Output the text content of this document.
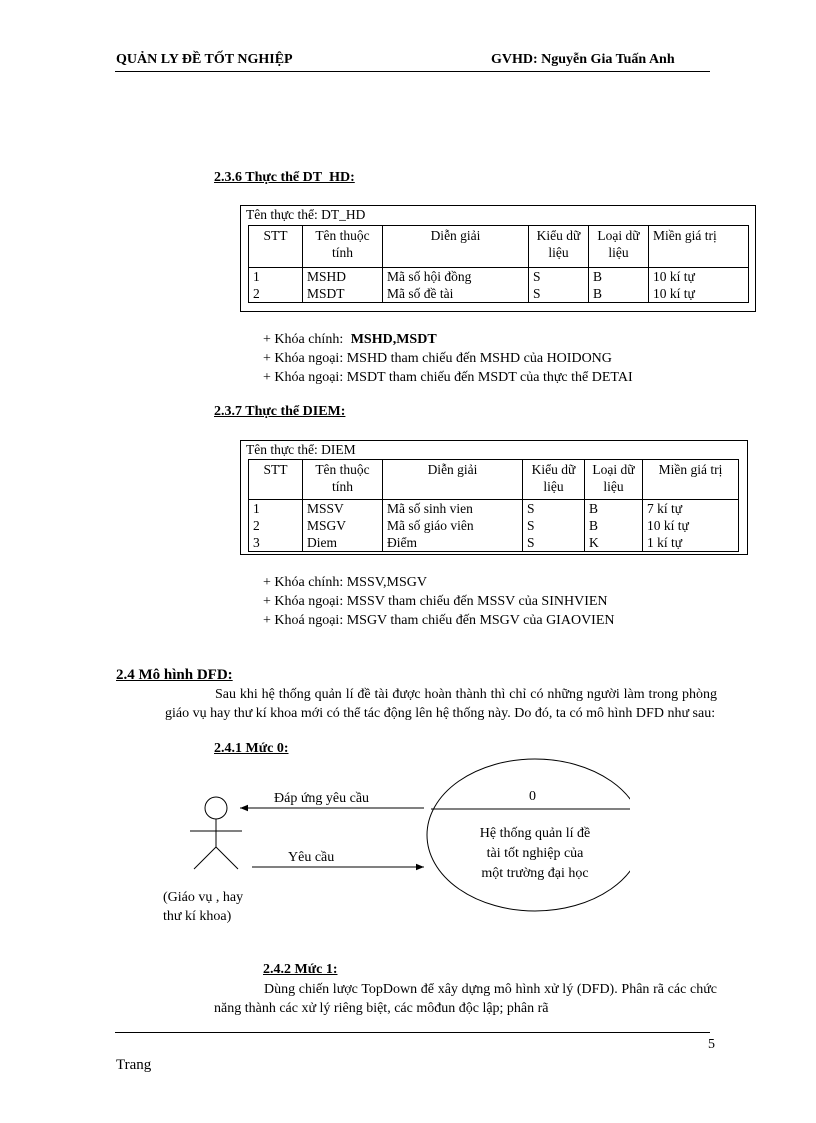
QUẢN LY ĐỀ TỐT NGHIỆP	GVHD: Nguyễn Gia Tuấn Anh
2.3.6 Thực thể DT_HD:
Tên thực thể: DT_HD
STT	Tên thuộc tính	Diễn giải	Kiểu dữ liệu	Loại dữ liệu	Miền giá trị
1	MSHD	Mã số hội đồng	S	B	10 kí tự
2	MSDT	Mã số đề tài	S	B	10 kí tự
+ Khóa chính: MSHD,MSDT
+ Khóa ngoại: MSHD tham chiếu đến MSHD của HOIDONG
+ Khóa ngoại: MSDT tham chiếu đến MSDT của thực thể DETAI
2.3.7 Thực thể DIEM:
Tên thực thể: DIEM
STT	Tên thuộc tính	Diễn giải	Kiểu dữ liệu	Loại dữ liệu	Miền giá trị
1	MSSV	Mã số sinh vien	S	B	7 kí tự
2	MSGV	Mã số giáo viên	S	B	10 kí tự
3	Diem	Điểm	S	K	1 kí tự
+ Khóa chính: MSSV,MSGV
+ Khóa ngoại: MSSV tham chiếu đến MSSV của SINHVIEN
+ Khoá ngoại: MSGV tham chiếu đến MSGV của GIAOVIEN
2.4 Mô hình DFD:
Sau khi hệ thống quản lí đề tài được hoàn thành thì chỉ có những người làm trong phòng giáo vụ hay thư kí khoa mới có thể tác động lên hệ thống này. Do đó, ta có mô hình DFD như sau:
2.4.1 Mức 0:
Đáp ứng yêu cầu
Yêu cầu
0
Hệ thống quản lí đề
tài tốt nghiệp của
một trường đại học
(Giáo vụ , hay
thư kí khoa)
2.4.2 Mức 1:
Dùng chiến lược TopDown để xây dựng mô hình xử lý (DFD). Phân rã các chức năng thành các xử lý riêng biệt, các môđun độc lập; phân rã
5
Trang
